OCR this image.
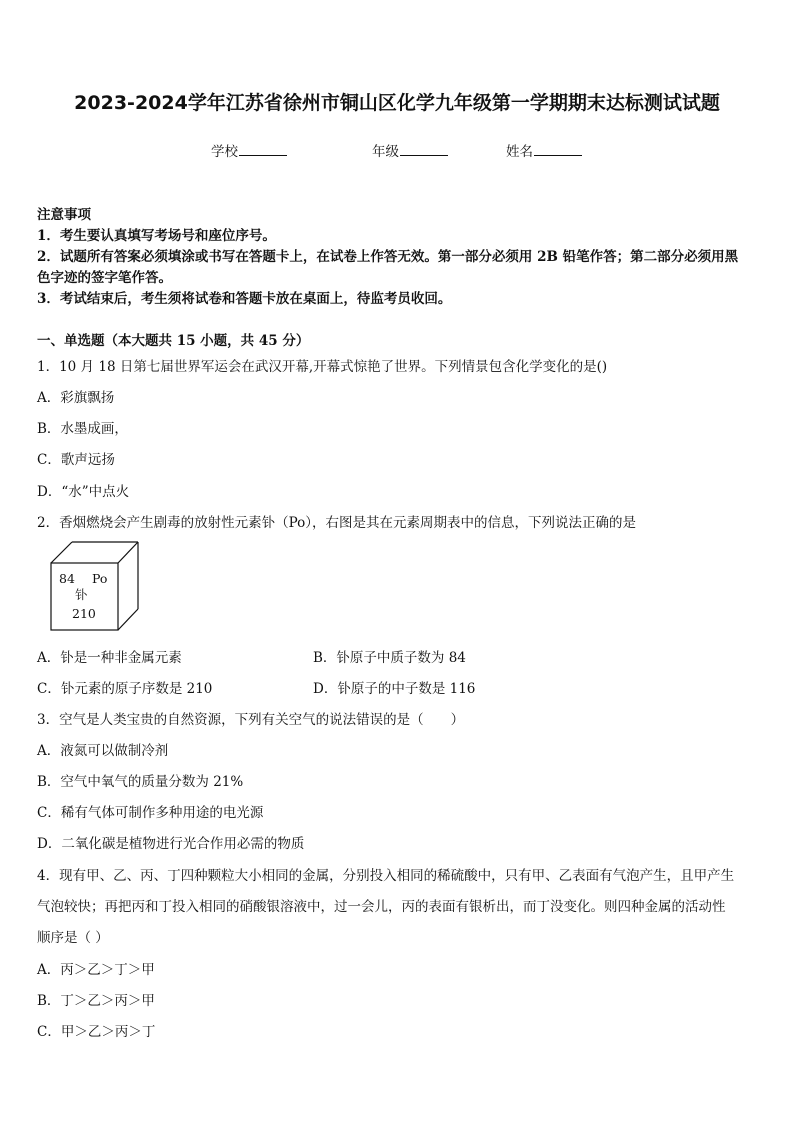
2023-2024学年江苏省徐州市铜山区化学九年级第一学期期末达标测试试题
学校	年级	姓名
注意事项
1．考生要认真填写考场号和座位序号。
2．试题所有答案必须填涂或书写在答题卡上，在试卷上作答无效。第一部分必须用 2B 铅笔作答；第二部分必须用黑
色字迹的签字笔作答。
3．考试结束后，考生须将试卷和答题卡放在桌面上，待监考员收回。
一、单选题（本大题共 15 小题，共 45 分）
1．10 月 18 日第七届世界军运会在武汉开幕,开幕式惊艳了世界。下列情景包含化学变化的是()
A．彩旗飘扬
B．水墨成画，
C．歌声远扬
D．“水”中点火
2．香烟燃烧会产生剧毒的放射性元素钋（Po），右图是其在元素周期表中的信息，下列说法正确的是
84 Po
钋
210
A．钋是一种非金属元素	B．钋原子中质子数为 84
C．钋元素的原子序数是 210	D．钋原子的中子数是 116
3．空气是人类宝贵的自然资源，下列有关空气的说法错误的是（　　）
A．液氮可以做制冷剂
B．空气中氧气的质量分数为 21%
C．稀有气体可制作多种用途的电光源
D．二氧化碳是植物进行光合作用必需的物质
4．现有甲、乙、丙、丁四种颗粒大小相同的金属，分别投入相同的稀硫酸中，只有甲、乙表面有气泡产生，且甲产生
气泡较快；再把丙和丁投入相同的硝酸银溶液中，过一会儿，丙的表面有银析出，而丁没变化。则四种金属的活动性
顺序是（ ）
A．丙＞乙＞丁＞甲
B．丁＞乙＞丙＞甲
C．甲＞乙＞丙＞丁
